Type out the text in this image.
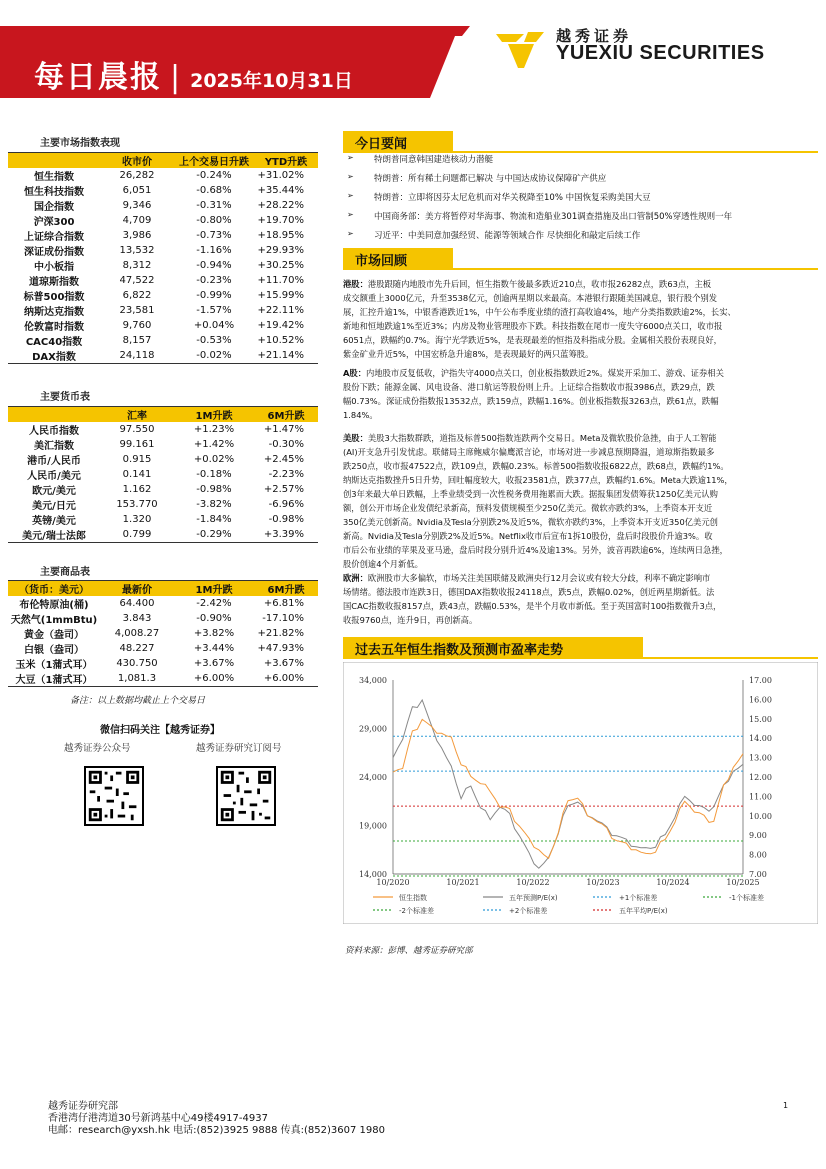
每日晨报 | 2025年10月31日
越秀证券
YUEXIU SECURITIES
主要市场指数表现
	收市价	上个交易日升跌	YTD升跌
恒生指数	26,282	-0.24%	+31.02%
恒生科技指数	6,051	-0.68%	+35.44%
国企指数	9,346	-0.31%	+28.22%
沪深300	4,709	-0.80%	+19.70%
上证综合指数	3,986	-0.73%	+18.95%
深证成份指数	13,532	-1.16%	+29.93%
中小板指	8,312	-0.94%	+30.25%
道琼斯指数	47,522	-0.23%	+11.70%
标普500指数	6,822	-0.99%	+15.99%
纳斯达克指数	23,581	-1.57%	+22.11%
伦敦富时指数	9,760	+0.04%	+19.42%
CAC40指数	8,157	-0.53%	+10.52%
DAX指数	24,118	-0.02%	+21.14%
主要货币表
	汇率	1M升跌	6M升跌
人民币指数	97.550	+1.23%	+1.47%
美汇指数	99.161	+1.42%	-0.30%
港币/人民币	0.915	+0.02%	+2.45%
人民币/美元	0.141	-0.18%	-2.23%
欧元/美元	1.162	-0.98%	+2.57%
美元/日元	153.770	-3.82%	-6.96%
英镑/美元	1.320	-1.84%	-0.98%
美元/瑞士法郎	0.799	-0.29%	+3.39%
主要商品表
（货币：美元）	最新价	1M升跌	6M升跌
布伦特原油(桶)	64.400	-2.42%	+6.81%
天然气(1mmBtu)	3.843	-0.90%	-17.10%
黄金（盎司）	4,008.27	+3.82%	+21.82%
白银（盎司）	48.227	+3.44%	+47.93%
玉米（1蒲式耳）	430.750	+3.67%	+3.67%
大豆（1蒲式耳）	1,081.3	+6.00%	+6.00%
备注：以上数据均截止上个交易日
微信扫码关注【越秀证券】
越秀证券公众号	越秀证券研究订阅号
今日要闻
➢ 特朗普同意韩国建造核动力潜艇
➢ 特朗普：所有稀土问题都已解决 与中国达成协议保障矿产供应
➢ 特朗普：立即将因芬太尼危机而对华关税降至10% 中国恢复采购美国大豆
➢ 中国商务部：美方将暂停对华海事、物流和造船业301调查措施及出口管制50%穿透性规则一年
➢ 习近平：中美同意加强经贸、能源等领域合作 尽快细化和敲定后续工作
市场回顾
港股：港股跟随内地股市先升后回，恒生指数午後最多跌近210点，收市报26282点，跌63点，主板
成交额重上3000亿元，升至3538亿元，创逾两星期以来最高。本港银行跟随美国减息，银行股个别发
展，汇控升逾1%，中银香港跌近1%，中午公布季度业绩的渣打高收逾4%，地产分类指数跌逾2%，长实、
新地和恒地跌逾1%至近3%；内房及物业管理股亦下跌。科技指数在尾市一度失守6000点关口，收市报
6051点，跌幅约0.7%。海宁光学跌近5%，是表现最差的恒指及科指成分股。金属相关股份表现良好，
紫金矿业升近5%，中国宏桥急升逾8%，是表现最好的两只蓝筹股。
A股：内地股市反复低收，沪指失守4000点关口，创业板指数跌近2%。煤炭开采加工、游戏、证券相关
股份下跌；能源金属、风电设备、港口航运等股份则上升。上证综合指数收市报3986点，跌29点，跌
幅0.73%。深证成份指数报13532点，跌159点，跌幅1.16%。创业板指数报3263点，跌61点，跌幅
1.84%。
美股：美股3大指数群跌，道指及标普500指数连跌两个交易日。Meta及微软股价急挫，由于人工智能
(AI)开支急升引发忧虑。联储局主席鲍威尔偏鹰派言论，市场对进一步减息预期降温，道琼斯指数最多
跌250点，收市报47522点，跌109点，跌幅0.23%。标普500指数收报6822点，跌68点，跌幅约1%。
纳斯达克指数挫升5日升势，回吐幅度较大，收报23581点，跌377点，跌幅约1.6%。Meta大跌逾11%，
创3年来最大单日跌幅，上季业绩受到一次性税务费用拖累而大跌。据报集团发债筹获1250亿美元认购
额，创公开市场企业发债纪录新高，预料发债规模至少250亿美元。微软亦跌约3%，上季资本开支近
350亿美元创新高。Nvidia及Tesla分别跌2%及近5%，微软亦跌约3%，上季资本开支近350亿美元创
新高。Nvidia及Tesla分别跌2%及近5%。Netflix收市后宣布1拆10股份，盘后时段股价升逾3%。收
市后公布业绩的苹果及亚马逊，盘后时段分别升近4%及逾13%。另外，波音再跌逾6%，连续两日急挫，
股价创逾4个月新低。
欧洲：欧洲股市大多偏软，市场关注美国联储及欧洲央行12月会议或有较大分歧，利率不确定影响市
场情绪。德法股市连跌3日，德国DAX指数收报24118点，跌5点，跌幅0.02%，创近两星期新低。法
国CAC指数收报8157点，跌43点，跌幅0.53%，是半个月收市新低。至于英国富时100指数微升3点，
收报9760点，连升9日，再创新高。
过去五年恒生指数及预测市盈率走势
34,000
29,000
24,000
19,000
14,000
17.00
16.00
15.00
14.00
13.00
12.00
11.00
10.00
9.00
8.00
7.00
10/2020	10/2021	10/2022	10/2023	10/2024	10/2025
恒生指数	五年预测P/E(x)	+1个标准差	-1个标准差
-2个标准差	+2个标准差	五年平均P/E(x)
资料来源：彭博、越秀证券研究部
越秀证券研究部
香港湾仔港湾道30号新鸿基中心49楼4917-4937
电邮：research@yxsh.hk 电话:(852)3925 9888 传真:(852)3607 1980
1
